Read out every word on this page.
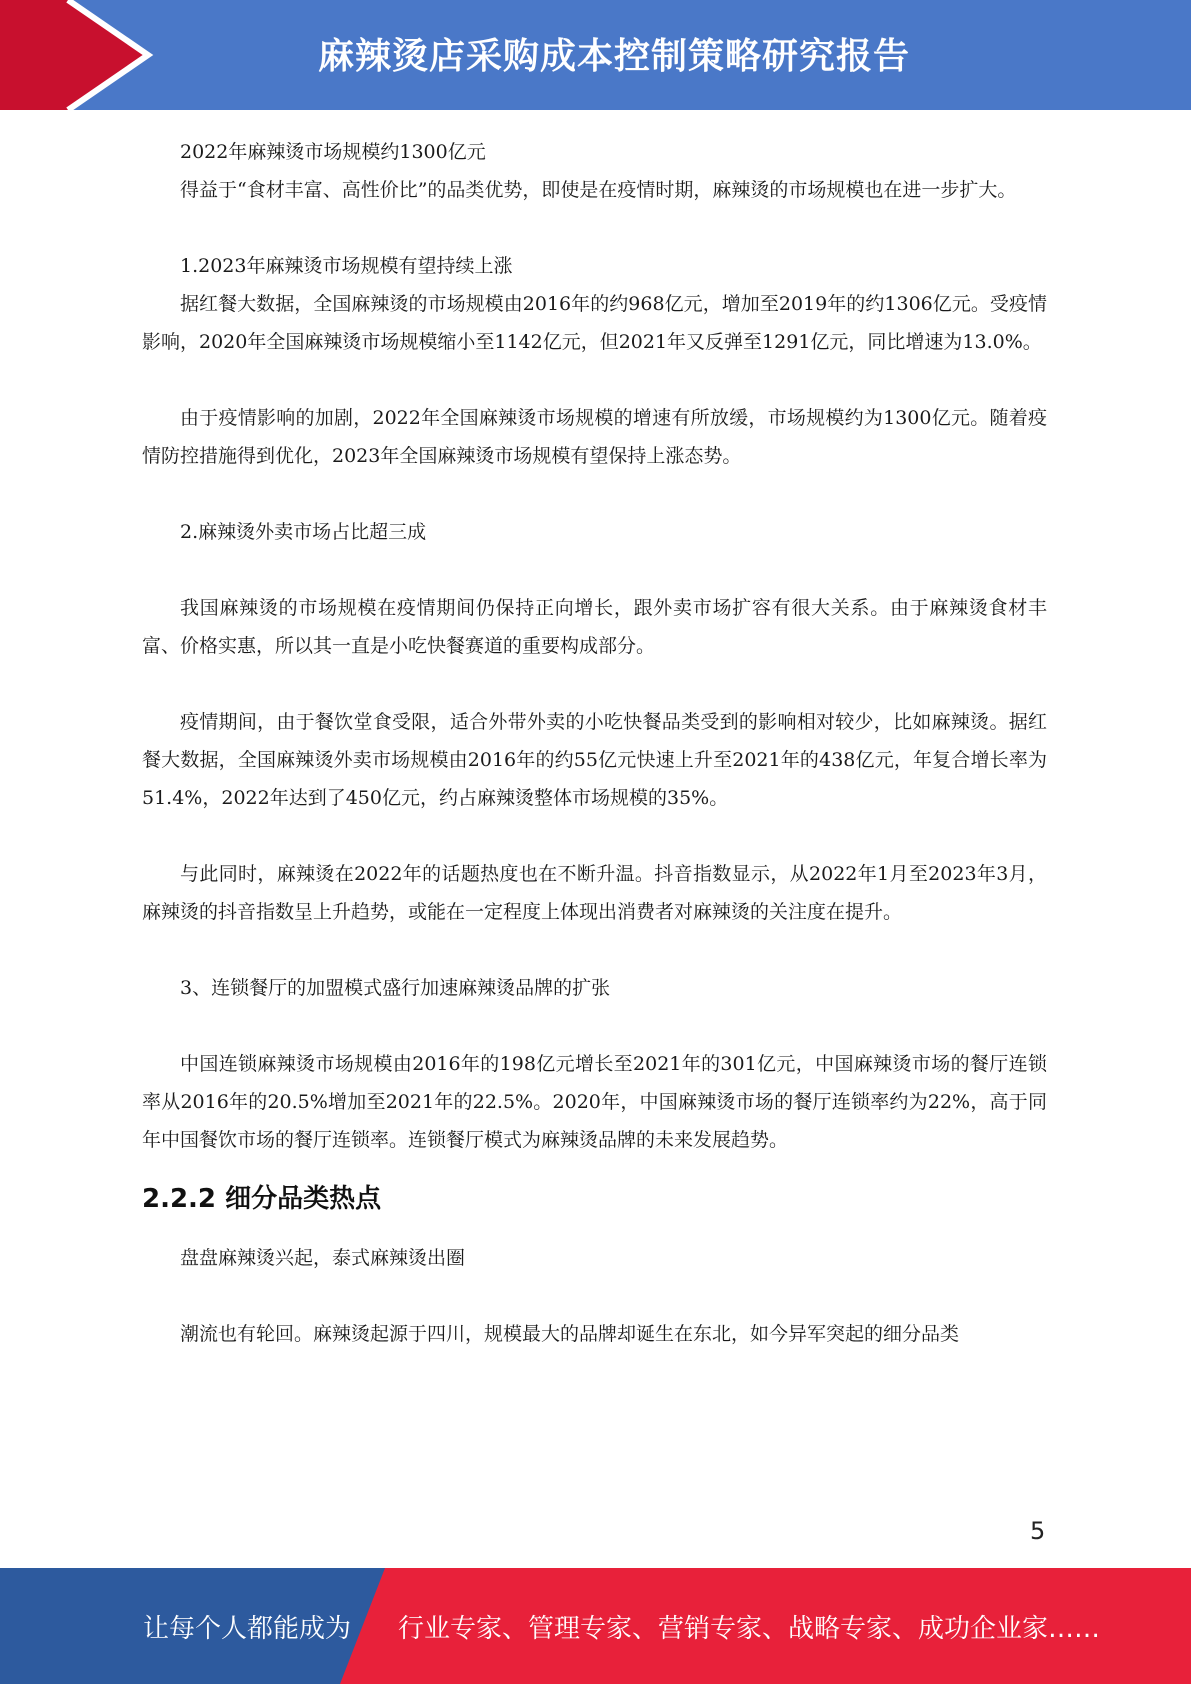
麻辣烫店采购成本控制策略研究报告

2022年麻辣烫市场规模约1300亿元

得益于“食材丰富、高性价比”的品类优势，即使是在疫情时期，麻辣烫的市场规模也在进一步扩大。

1.2023年麻辣烫市场规模有望持续上涨

据红餐大数据，全国麻辣烫的市场规模由2016年的约968亿元，增加至2019年的约1306亿元。受疫情影响，2020年全国麻辣烫市场规模缩小至1142亿元，但2021年又反弹至1291亿元，同比增速为13.0%。

由于疫情影响的加剧，2022年全国麻辣烫市场规模的增速有所放缓，市场规模约为1300亿元。随着疫情防控措施得到优化，2023年全国麻辣烫市场规模有望保持上涨态势。

2.麻辣烫外卖市场占比超三成

我国麻辣烫的市场规模在疫情期间仍保持正向增长，跟外卖市场扩容有很大关系。由于麻辣烫食材丰富、价格实惠，所以其一直是小吃快餐赛道的重要构成部分。

疫情期间，由于餐饮堂食受限，适合外带外卖的小吃快餐品类受到的影响相对较少，比如麻辣烫。据红餐大数据，全国麻辣烫外卖市场规模由2016年的约55亿元快速上升至2021年的438亿元，年复合增长率为51.4%，2022年达到了450亿元，约占麻辣烫整体市场规模的35%。

与此同时，麻辣烫在2022年的话题热度也在不断升温。抖音指数显示，从2022年1月至2023年3月，麻辣烫的抖音指数呈上升趋势，或能在一定程度上体现出消费者对麻辣烫的关注度在提升。

3、连锁餐厅的加盟模式盛行加速麻辣烫品牌的扩张

中国连锁麻辣烫市场规模由2016年的198亿元增长至2021年的301亿元，中国麻辣烫市场的餐厅连锁率从2016年的20.5%增加至2021年的22.5%。2020年，中国麻辣烫市场的餐厅连锁率约为22%，高于同年中国餐饮市场的餐厅连锁率。连锁餐厅模式为麻辣烫品牌的未来发展趋势。

2.2.2 细分品类热点

盘盘麻辣烫兴起，泰式麻辣烫出圈

潮流也有轮回。麻辣烫起源于四川，规模最大的品牌却诞生在东北，如今异军突起的细分品类

5
让每个人都能成为 行业专家、管理专家、营销专家、战略专家、成功企业家……
